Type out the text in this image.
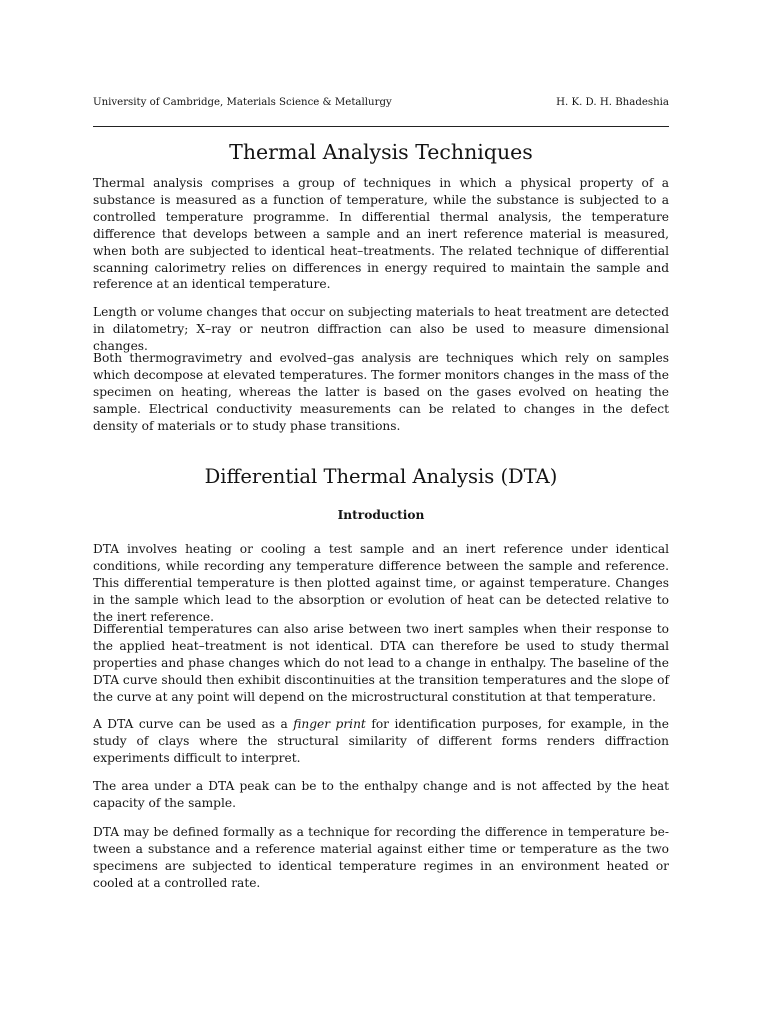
University of Cambridge, Materials Science & Metallurgy	H. K. D. H. Bhadeshia
Thermal Analysis Techniques

Thermal analysis comprises a group of techniques in which a physical property of a substance is measured as a function of temperature, while the substance is subjected to a controlled temperature programme. In differential thermal analysis, the temperature difference that develops between a sample and an inert reference material is measured, when both are subjected to identical heat–treatments. The related technique of differential scanning calorimetry relies on differences in energy required to maintain the sample and reference at an identical temperature.

Length or volume changes that occur on subjecting materials to heat treatment are detected in dilatometry; X–ray or neutron diffraction can also be used to measure dimensional changes.

Both thermogravimetry and evolved–gas analysis are techniques which rely on samples which decompose at elevated temperatures. The former monitors changes in the mass of the specimen on heating, whereas the latter is based on the gases evolved on heating the sample. Electrical conductivity measurements can be related to changes in the defect density of materials or to study phase transitions.

Differential Thermal Analysis (DTA)
Introduction

DTA involves heating or cooling a test sample and an inert reference under identical conditions, while recording any temperature difference between the sample and reference. This differential temperature is then plotted against time, or against temperature. Changes in the sample which lead to the absorption or evolution of heat can be detected relative to the inert reference.

Differential temperatures can also arise between two inert samples when their response to the applied heat–treatment is not identical. DTA can therefore be used to study thermal properties and phase changes which do not lead to a change in enthalpy. The baseline of the DTA curve should then exhibit discontinuities at the transition temperatures and the slope of the curve at any point will depend on the microstructural constitution at that temperature.

A DTA curve can be used as a finger print for identification purposes, for example, in the study of clays where the structural similarity of different forms renders diffraction experiments difficult to interpret.

The area under a DTA peak can be to the enthalpy change and is not affected by the heat capacity of the sample.

DTA may be defined formally as a technique for recording the difference in temperature between a substance and a reference material against either time or temperature as the two specimens are subjected to identical temperature regimes in an environment heated or cooled at a controlled rate.
